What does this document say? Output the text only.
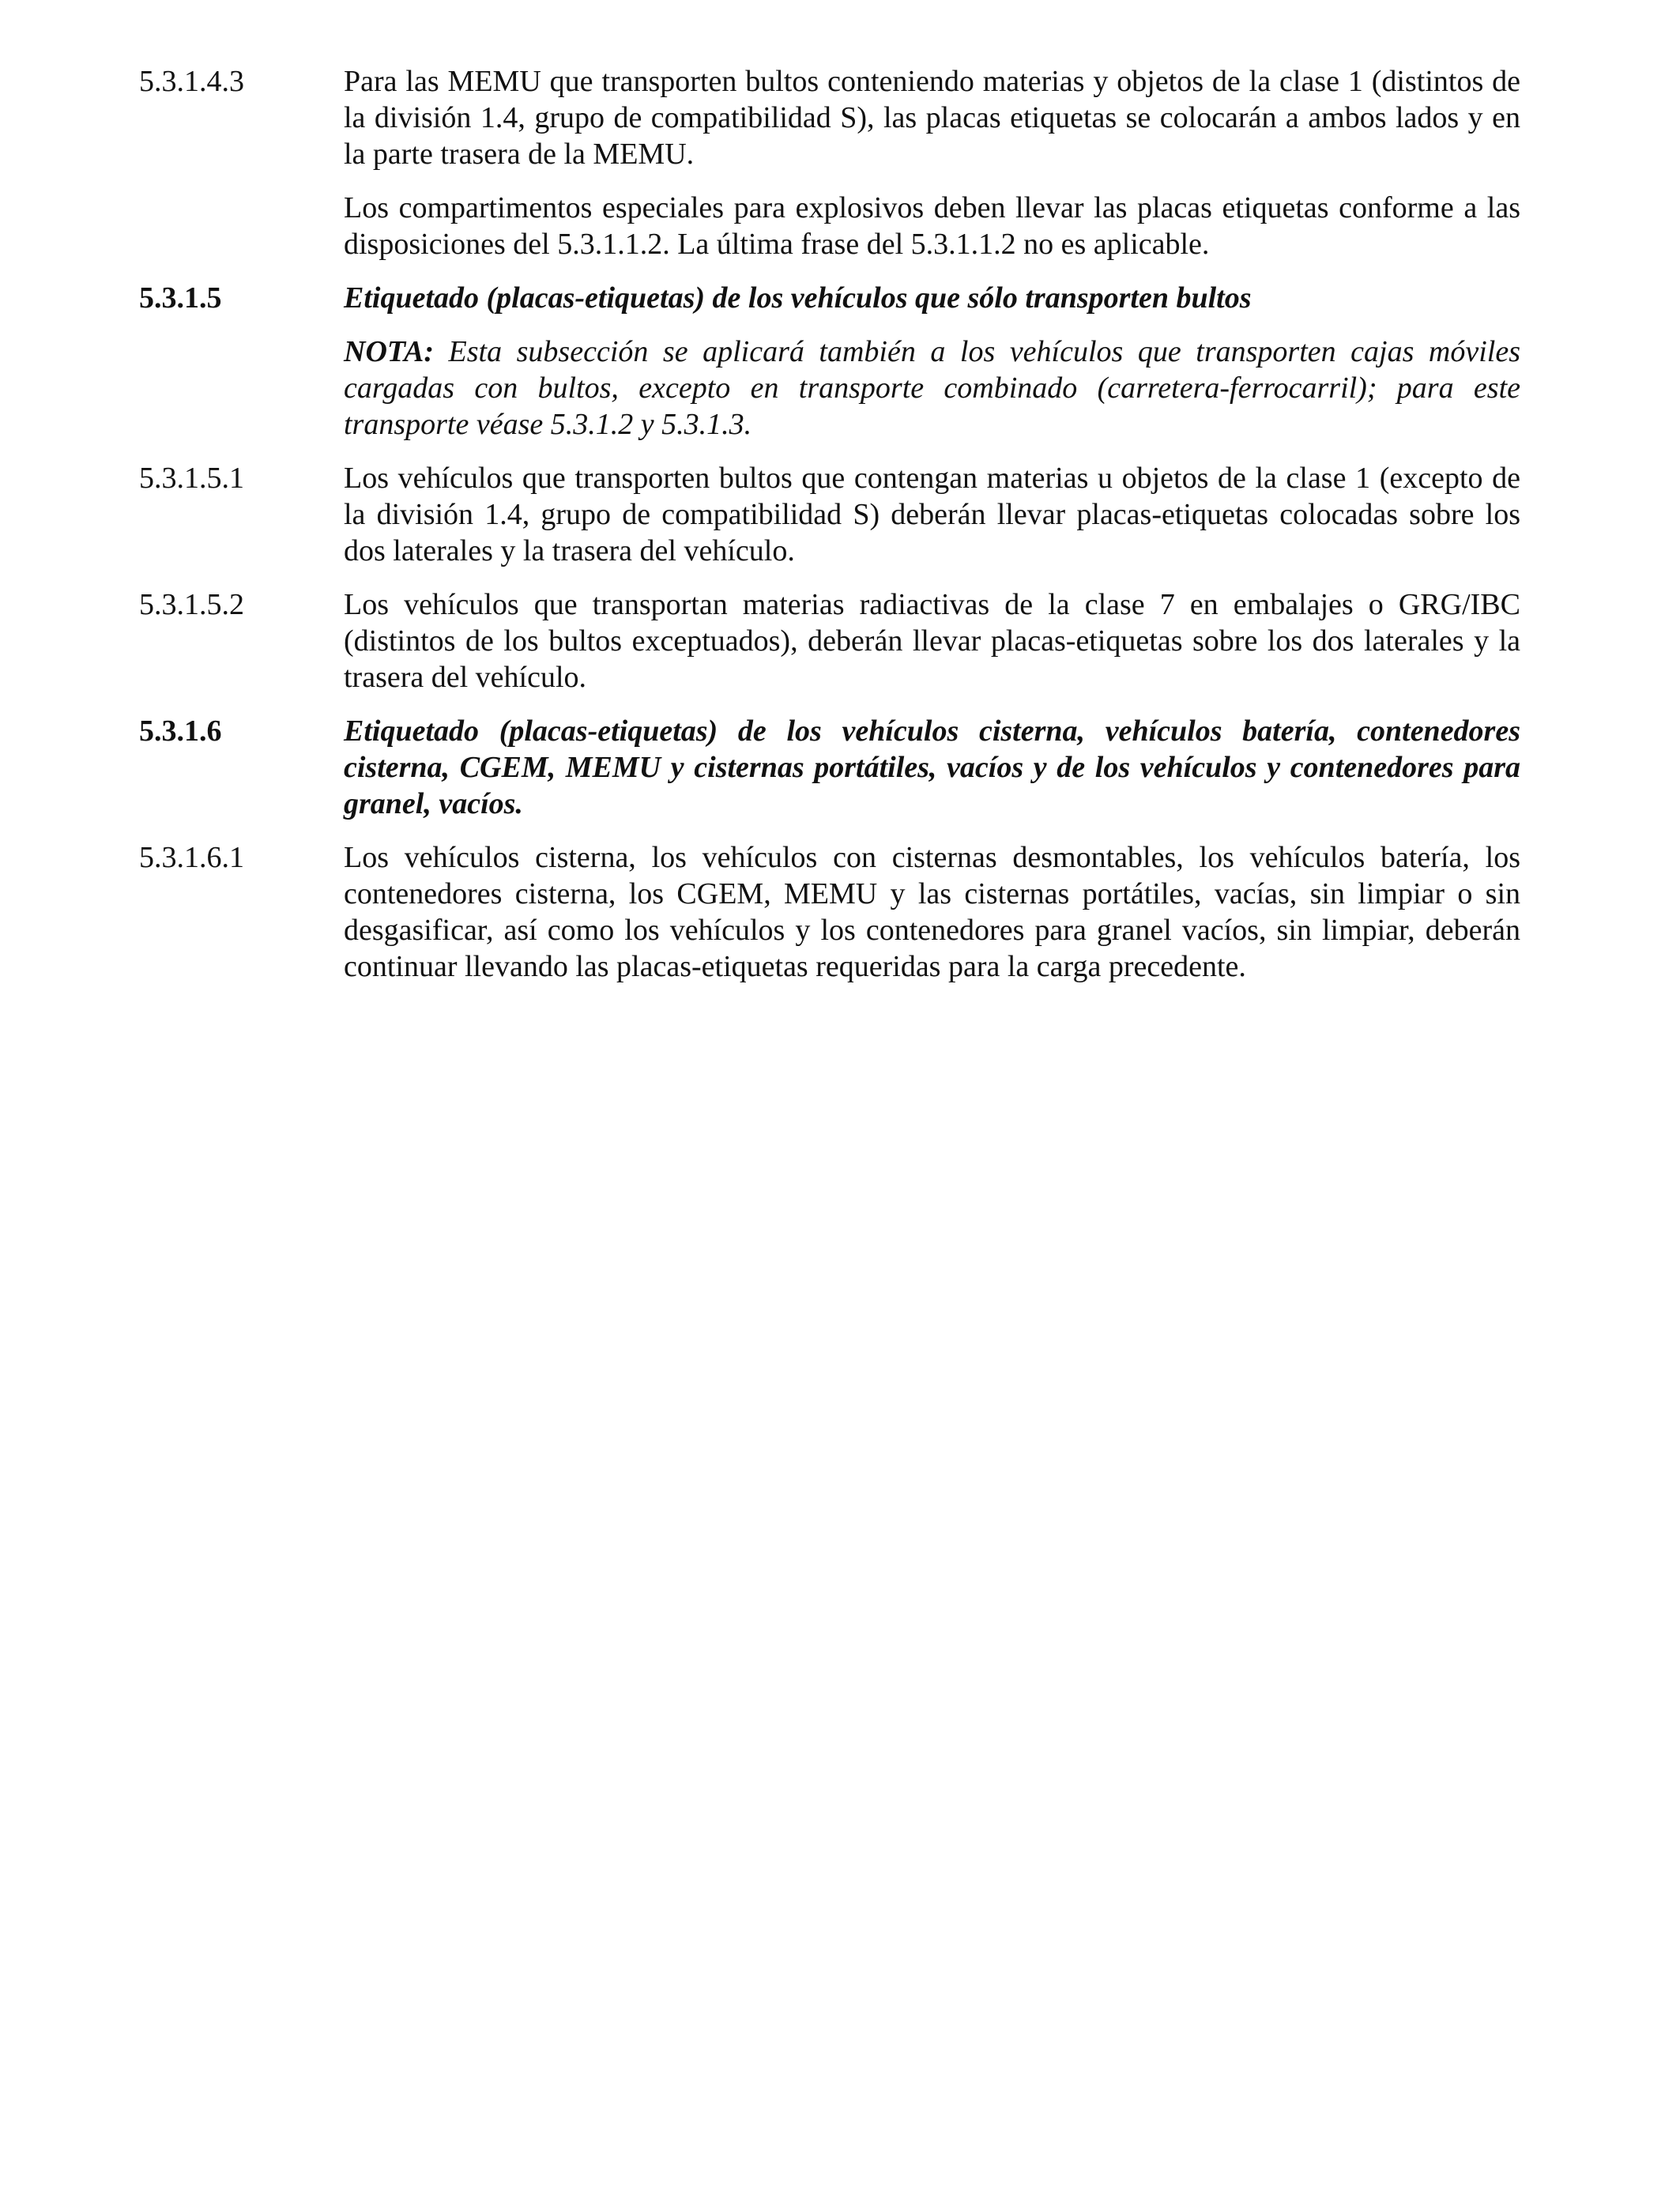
5.3.1.4.3	Para las MEMU que transporten bultos conteniendo materias y objetos de la clase 1 (distintos de la división 1.4, grupo de compatibilidad S), las placas etiquetas se colocarán a ambos lados y en la parte trasera de la MEMU.

Los compartimentos especiales para explosivos deben llevar las placas etiquetas conforme a las disposiciones del 5.3.1.1.2. La última frase del 5.3.1.1.2 no es aplicable.

5.3.1.5	Etiquetado (placas-etiquetas) de los vehículos que sólo transporten bultos

NOTA: Esta subsección se aplicará también a los vehículos que transporten cajas móviles cargadas con bultos, excepto en transporte combinado (carretera-ferrocarril); para este transporte véase 5.3.1.2 y 5.3.1.3.

5.3.1.5.1	Los vehículos que transporten bultos que contengan materias u objetos de la clase 1 (excepto de la división 1.4, grupo de compatibilidad S) deberán llevar placas-etiquetas colocadas sobre los dos laterales y la trasera del vehículo.

5.3.1.5.2	Los vehículos que transportan materias radiactivas de la clase 7 en embalajes o GRG/IBC (distintos de los bultos exceptuados), deberán llevar placas-etiquetas sobre los dos laterales y la trasera del vehículo.

5.3.1.6	Etiquetado (placas-etiquetas) de los vehículos cisterna, vehículos batería, contenedores cisterna, CGEM, MEMU y cisternas portátiles, vacíos y de los vehículos y contenedores para granel, vacíos.

5.3.1.6.1	Los vehículos cisterna, los vehículos con cisternas desmontables, los vehículos batería, los contenedores cisterna, los CGEM, MEMU y las cisternas portátiles, vacías, sin limpiar o sin desgasificar, así como los vehículos y los contenedores para granel vacíos, sin limpiar, deberán continuar llevando las placas-etiquetas requeridas para la carga precedente.
